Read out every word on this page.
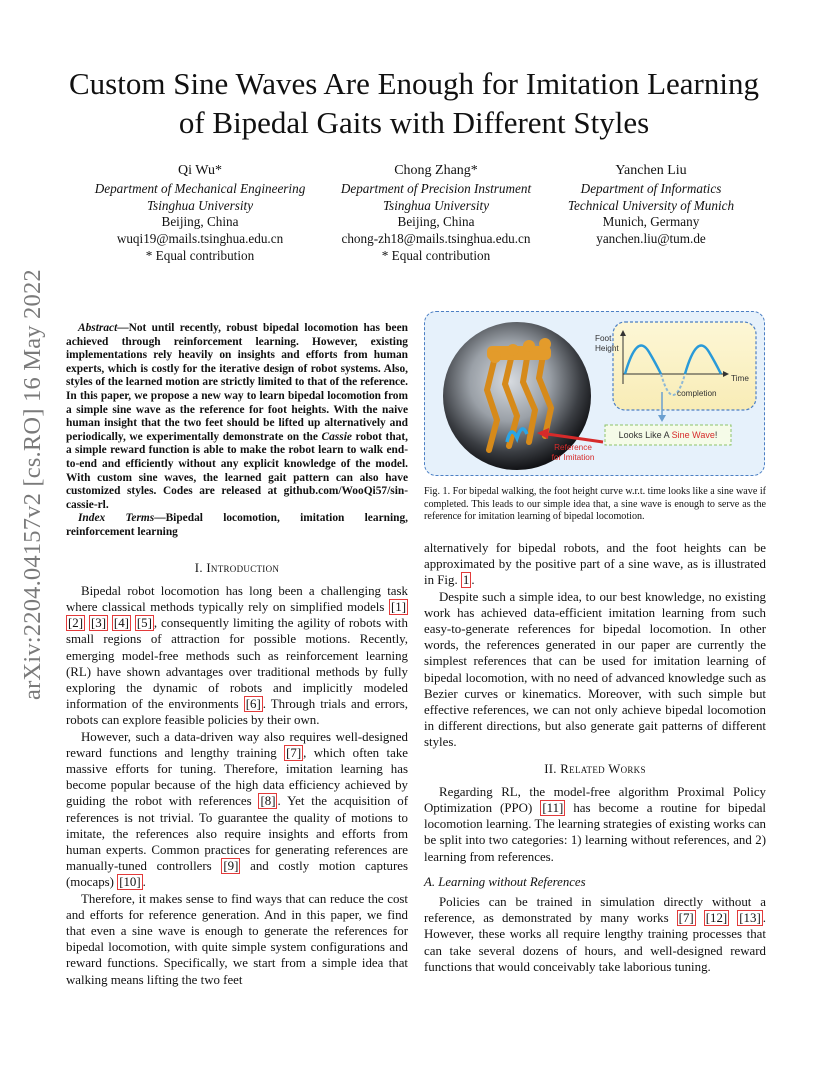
Custom Sine Waves Are Enough for Imitation Learning of Bipedal Gaits with Different Styles
Qi Wu*
Department of Mechanical Engineering
Tsinghua University
Beijing, China
wuqi19@mails.tsinghua.edu.cn
* Equal contribution
Chong Zhang*
Department of Precision Instrument
Tsinghua University
Beijing, China
chong-zh18@mails.tsinghua.edu.cn
* Equal contribution
Yanchen Liu
Department of Informatics
Technical University of Munich
Munich, Germany
yanchen.liu@tum.de
arXiv:2204.04157v2 [cs.RO] 16 May 2022	Abstract—Not until recently, robust bipedal locomotion has been achieved through reinforcement learning. However, existing implementations rely heavily on insights and efforts from human experts, which is costly for the iterative design of robot systems. Also, styles of the learned motion are strictly limited to that of the reference. In this paper, we propose a new way to learn bipedal locomotion from a simple sine wave as the reference for foot heights. With the naive human insight that the two feet should be lifted up alternatively and periodically, we experimentally demonstrate on the Cassie robot that, a simple reward function is able to make the robot learn to walk end-to-end and efficiently without any explicit knowledge of the model. With custom sine waves, the learned gait pattern can also have customized styles. Codes are released at github.com/WooQi57/sin-cassie-rl.

Index Terms—Bipedal locomotion, imitation learning, reinforcement learning

I. Introduction

Bipedal robot locomotion has long been a challenging task where classical methods typically rely on simplified models [1] [2] [3] [4] [5] , consequently limiting the agility of robots with small regions of attraction for possible motions. Recently, emerging model-free methods such as reinforcement learning (RL) have shown advantages over traditional methods by fully exploring the dynamic of robots and implicitly modeled information of the environments [6] . Through trials and errors, robots can explore feasible policies by their own.

However, such a data-driven way also requires well-designed reward functions and lengthy training [7] , which often take massive efforts for tuning. Therefore, imitation learning has become popular because of the high data efficiency achieved by guiding the robot with references [8] . Yet the acquisition of references is not trivial. To guarantee the quality of motions to imitate, the references also require insights and efforts from human experts. Common practices for generating references are manually-tuned controllers [9] and costly motion captures (mocaps) [10] .

Therefore, it makes sense to find ways that can reduce the cost and efforts for reference generation. And in this paper, we find that even a sine wave is enough to generate the references for bipedal locomotion, with quite simple system configurations and reward functions. Specifically, we start from a simple idea that walking means lifting the two feet

Foot
Height
Time
completion
Looks Like A Sine Wave!
Reference
for Imitation
Fig. 1. For bipedal walking, the foot height curve w.r.t. time looks like a sine wave if completed. This leads to our simple idea that, a sine wave is enough to serve as the reference for imitation learning of bipedal locomotion.

alternatively for bipedal robots, and the foot heights can be approximated by the positive part of a sine wave, as is illustrated in Fig. 1 .

Despite such a simple idea, to our best knowledge, no existing work has achieved data-efficient imitation learning from such easy-to-generate references for bipedal locomotion. In other words, the references generated in our paper are currently the simplest references that can be used for imitation learning of bipedal locomotion, with no need of advanced knowledge such as Bezier curves or kinematics. Moreover, with such simple but effective references, we can not only achieve bipedal locomotion in different directions, but also generate gait patterns of different styles.

II. Related Works

Regarding RL, the model-free algorithm Proximal Policy Optimization (PPO) [11] has become a routine for bipedal locomotion learning. The learning strategies of existing works can be split into two categories: 1) learning without references, and 2) learning from references.

A. Learning without References

Policies can be trained in simulation directly without a reference, as demonstrated by many works [7] [12] [13] . However, these works all require lengthy training processes that can take several dozens of hours, and well-designed reward functions that would conceivably take laborious tuning.
